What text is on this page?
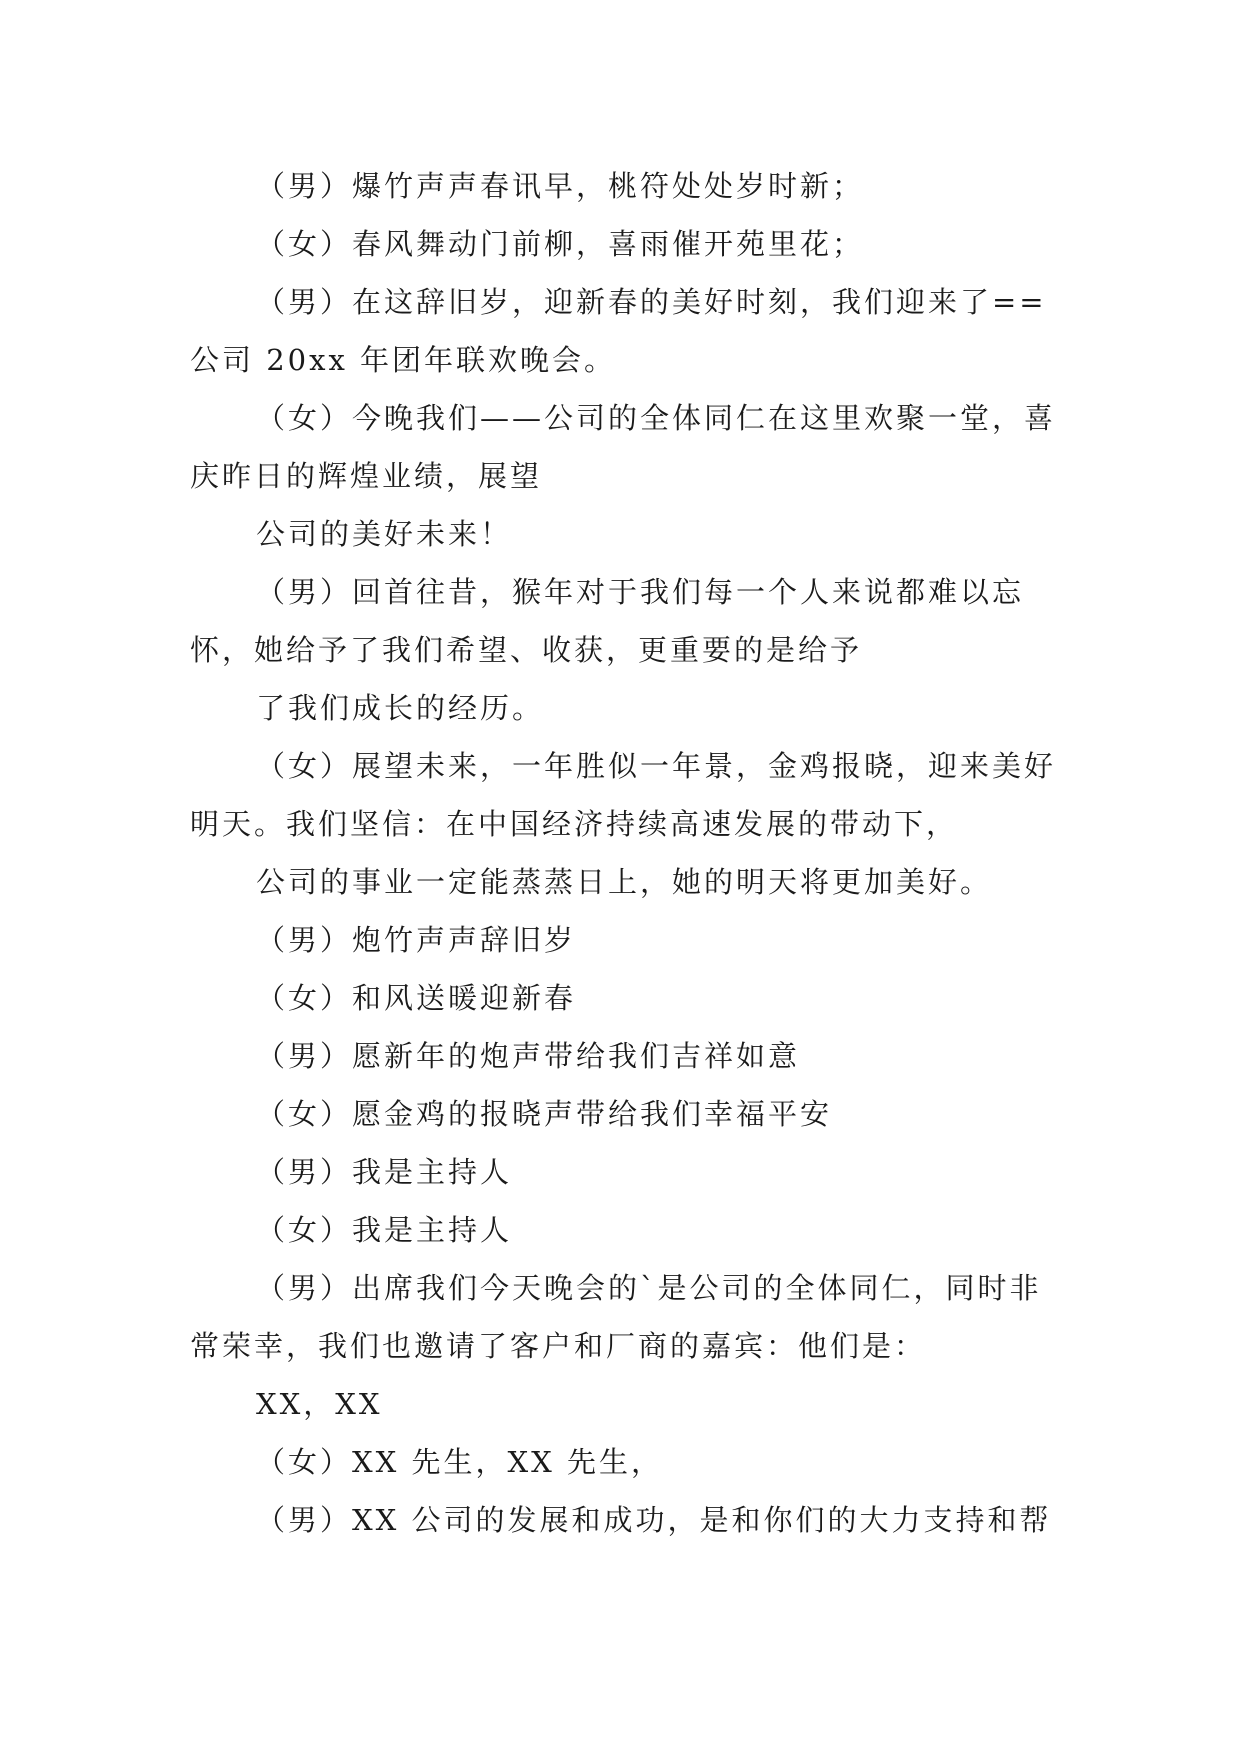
（男）爆竹声声春讯早，桃符处处岁时新；

（女）春风舞动门前柳，喜雨催开苑里花；

（男）在这辞旧岁，迎新春的美好时刻，我们迎来了==公司 20xx 年团年联欢晚会。

（女）今晚我们——公司的全体同仁在这里欢聚一堂，喜庆昨日的辉煌业绩，展望

公司的美好未来！

（男）回首往昔，猴年对于我们每一个人来说都难以忘怀，她给予了我们希望、收获，更重要的是给予

了我们成长的经历。

（女）展望未来，一年胜似一年景，金鸡报晓，迎来美好明天。我们坚信：在中国经济持续高速发展的带动下，

公司的事业一定能蒸蒸日上，她的明天将更加美好。

（男）炮竹声声辞旧岁

（女）和风送暖迎新春

（男）愿新年的炮声带给我们吉祥如意

（女）愿金鸡的报晓声带给我们幸福平安

（男）我是主持人

（女）我是主持人

（男）出席我们今天晚会的`是公司的全体同仁，同时非常荣幸，我们也邀请了客户和厂商的嘉宾：他们是：

XX，XX

（女）XX 先生，XX 先生，

（男）XX 公司的发展和成功，是和你们的大力支持和帮
